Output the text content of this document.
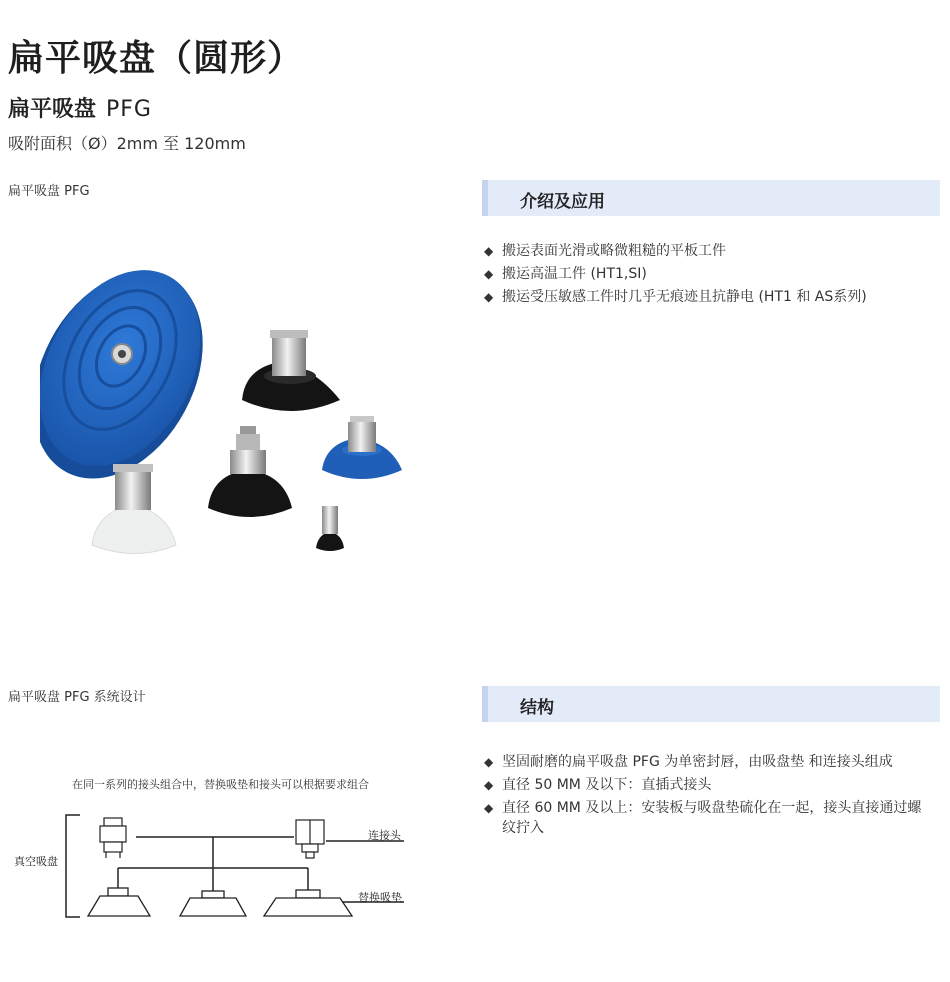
扁平吸盘（圆形）
扁平吸盘 PFG
吸附面积（Ø）2mm 至 120mm
扁平吸盘 PFG
介绍及应用
◆ 搬运表面光滑或略微粗糙的平板工件
◆ 搬运高温工件 (HT1,SI)
◆ 搬运受压敏感工件时几乎无痕迹且抗静电 (HT1 和 AS系列)
扁平吸盘 PFG 系统设计
结构
◆ 坚固耐磨的扁平吸盘 PFG 为单密封唇，由吸盘垫 和连接头组成
◆ 直径 50 MM 及以下：直插式接头
◆ 直径 60 MM 及以上：安装板与吸盘垫硫化在一起，接头直接通过螺纹拧入
在同一系列的接头组合中，替换吸垫和接头可以根据要求组合
连接头
真空吸盘
替换吸垫
